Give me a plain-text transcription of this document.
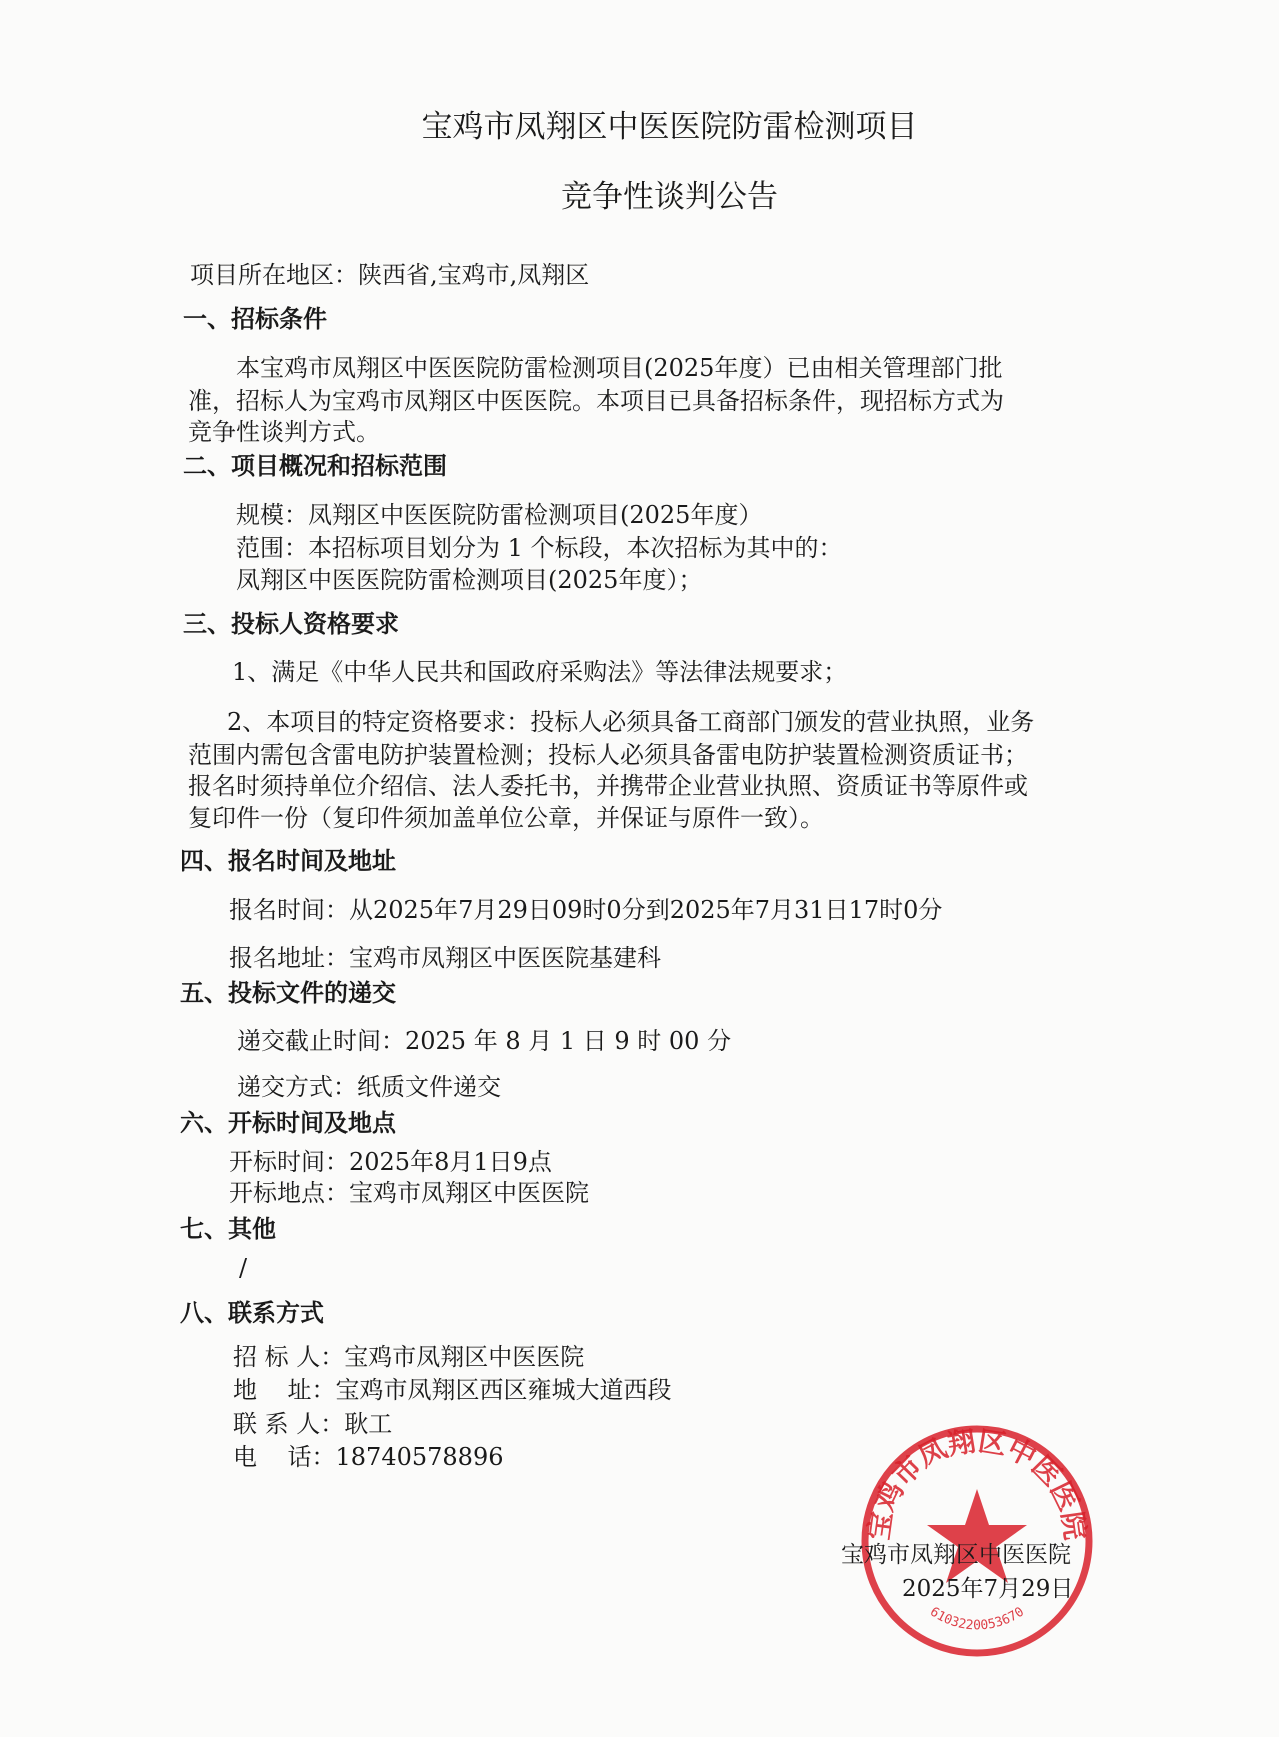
宝鸡市凤翔区中医医院防雷检测项目
竞争性谈判公告
项目所在地区：陕西省,宝鸡市,凤翔区
一、招标条件
本宝鸡市凤翔区中医医院防雷检测项目(2025年度）已由相关管理部门批
准，招标人为宝鸡市凤翔区中医医院。本项目已具备招标条件，现招标方式为
竞争性谈判方式。
二、项目概况和招标范围
规模：凤翔区中医医院防雷检测项目(2025年度）
范围：本招标项目划分为 1 个标段，本次招标为其中的：
凤翔区中医医院防雷检测项目(2025年度）；
三、投标人资格要求
1、满足《中华人民共和国政府采购法》等法律法规要求；
2、本项目的特定资格要求：投标人必须具备工商部门颁发的营业执照，业务
范围内需包含雷电防护装置检测；投标人必须具备雷电防护装置检测资质证书；
报名时须持单位介绍信、法人委托书，并携带企业营业执照、资质证书等原件或
复印件一份（复印件须加盖单位公章，并保证与原件一致）。
四、报名时间及地址
报名时间：从2025年7月29日09时0分到2025年7月31日17时0分
报名地址：宝鸡市凤翔区中医医院基建科
五、投标文件的递交
递交截止时间：2025 年 8 月 1 日 9 时 00 分
递交方式：纸质文件递交
六、开标时间及地点
开标时间：2025年8月1日9点
开标地点：宝鸡市凤翔区中医医院
七、其他
/
八、联系方式
招 标 人：宝鸡市凤翔区中医医院
地    址：宝鸡市凤翔区西区雍城大道西段
联 系 人：耿工
电    话：18740578896
宝鸡市凤翔区中医医院
6103220053670
宝鸡市凤翔区中医医院
2025年7月29日
